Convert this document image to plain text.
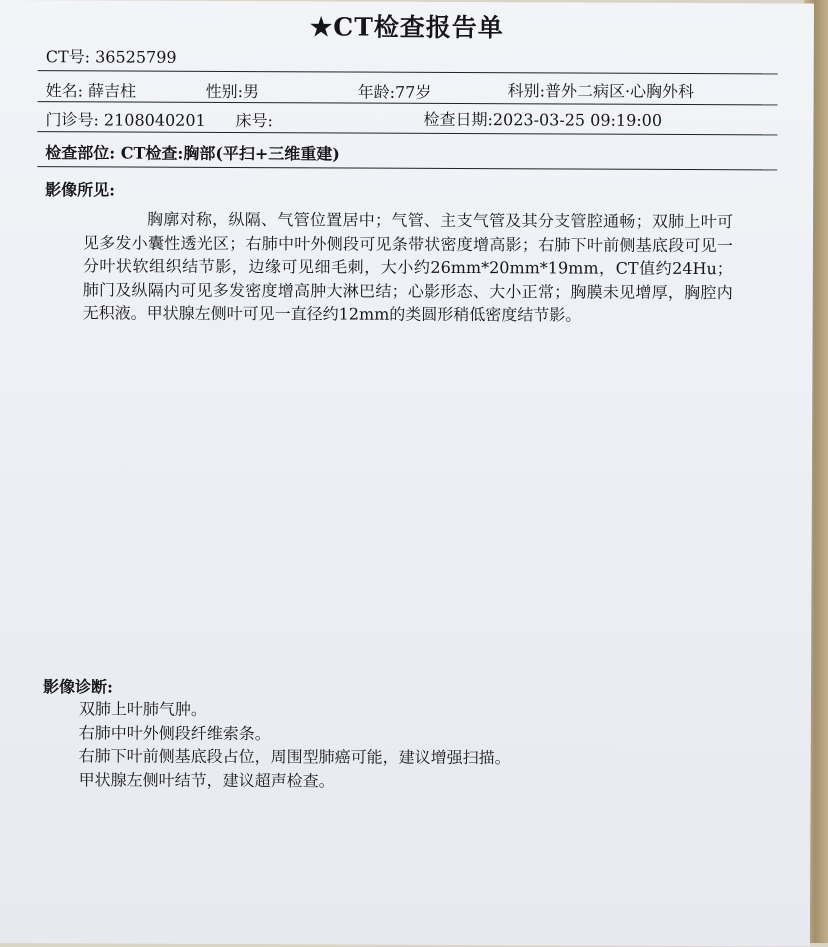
★CT检查报告单
CT号: 36525799
姓名: 薛吉柱	性别:男	年龄:77岁	科别:普外二病区·心胸外科
门诊号: 2108040201 床号:	检查日期:2023-03-25 09:19:00
检查部位: CT检查:胸部(平扫+三维重建)
影像所见:
胸廓对称，纵隔、气管位置居中；气管、主支气管及其分支管腔通畅；双肺上叶可见多发小囊性透光区；右肺中叶外侧段可见条带状密度增高影；右肺下叶前侧基底段可见一分叶状软组织结节影，边缘可见细毛刺，大小约26mm*20mm*19mm，CT值约24Hu；肺门及纵隔内可见多发密度增高肿大淋巴结；心影形态、大小正常；胸膜未见增厚，胸腔内无积液。甲状腺左侧叶可见一直径约12mm的类圆形稍低密度结节影。
影像诊断:
双肺上叶肺气肿。
右肺中叶外侧段纤维索条。
右肺下叶前侧基底段占位，周围型肺癌可能，建议增强扫描。
甲状腺左侧叶结节，建议超声检查。
